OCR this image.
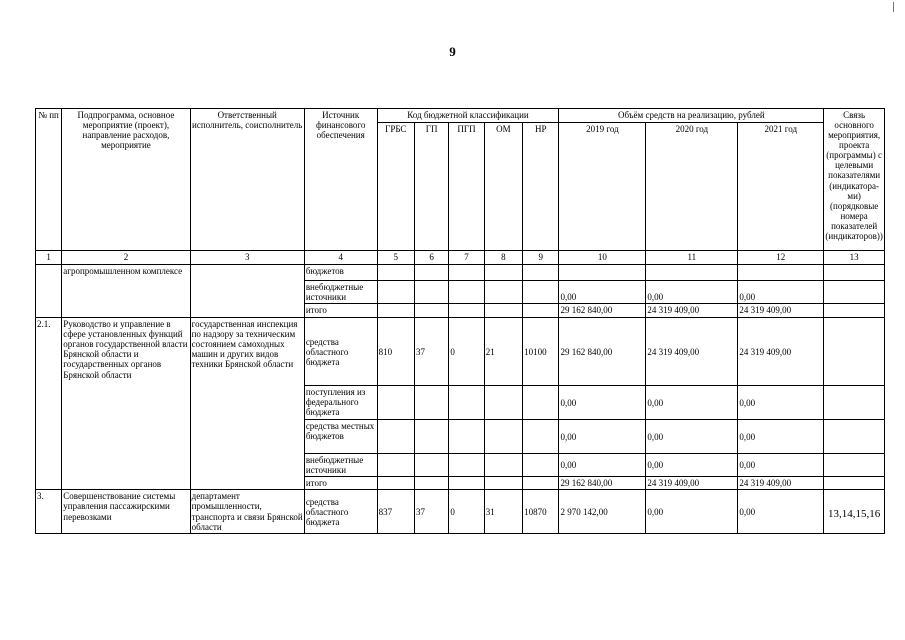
9
№ пп	Подпрограмма, основное мероприятие (проект), направление расходов, мероприятие	Ответственный исполнитель, соисполнитель	Источник финансового обеспечения	Код бюджетной классификации					Объём средств на реализацию, рублей			Связь основного мероприятия, проекта (программы) с целевыми показателями (индикатора-ми) (порядковые номера показателей (индикаторов))
				ГРБС	ГП	ПГП	ОМ	НР	2019 год	2020 год	2021 год	
1	2	3	4	5	6	7	8	9	10	11	12	13
	агропромышленном комплексе		бюджетов									
			внебюджетные источники						0,00	0,00	0,00	
			итого						29 162 840,00	24 319 409,00	24 319 409,00	
2.1.	Руководство и управление в сфере установленных функций органов государственной власти Брянской области и государственных органов Брянской области	государственная инспекция по надзору за техническим состоянием самоходных машин и других видов техники Брянской области	средства областного бюджета	810	37	0	21	10100	29 162 840,00	24 319 409,00	24 319 409,00	
			поступления из федерального бюджета						0,00	0,00	0,00	
			средства местных бюджетов						0,00	0,00	0,00	
			внебюджетные источники						0,00	0,00	0,00	
			итого						29 162 840,00	24 319 409,00	24 319 409,00	
3.	Совершенствование системы управления пассажирскими перевозками	департамент промышленности, транспорта и связи Брянской области	средства областного бюджета	837	37	0	31	10870	2 970 142,00	0,00	0,00	13,14,15,16
